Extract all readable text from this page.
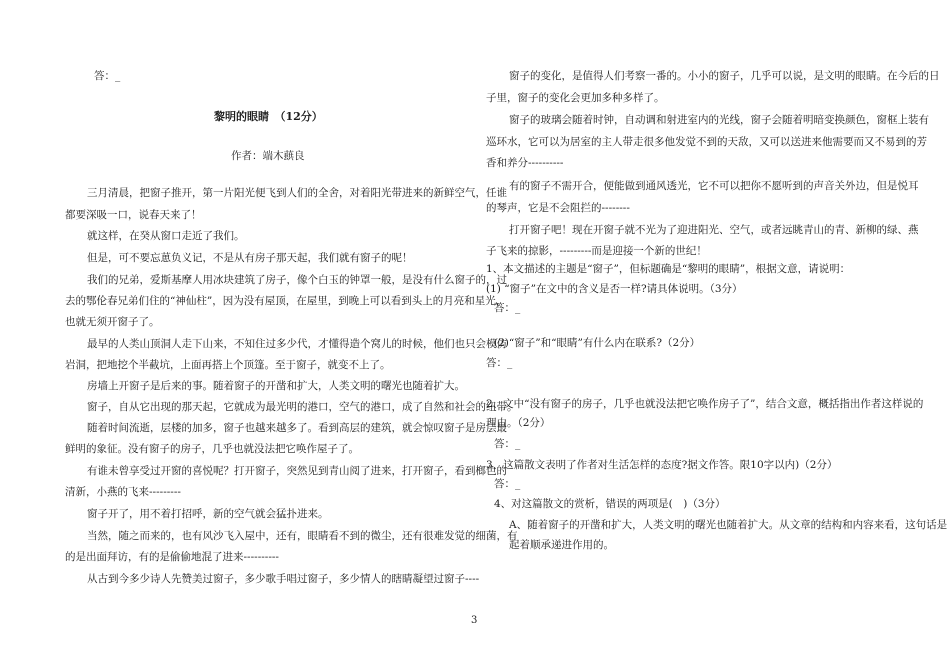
答：_
黎明的眼睛　（12分）
作者：端木蕻良
三月清晨，把窗子推开，第一片阳光便飞到人们的全舍，对着阳光带进来的新鲜空气，任谁
都要深吸一口，说春天来了！
就这样，在癸从窗口走近了我们。
但是，可不要忘葸负义记，不是从有房子那天起，我们就有窗子的呢！
我们的兄弟，爱斯基摩人用冰块建筑了房子，像个白玉的钟罩一般，是没有什么窗子的，过
去的鄂伦春兄弟们住的“神仙柱”，因为没有屋顶，在屋里，到晚上可以看到头上的月亮和星光，
也就无须开窗子了。
最早的人类山顶洞人走下山来，不知住过多少代，才懂得造个窝儿的时候，他们也只会模仿
岩洞，把地挖个半截坑，上面再搭上个顶篷。至于窗子，就变不上了。
房墙上开窗子是后来的事。随着窗子的开凿和扩大，人类文明的曙光也随着扩大。
窗子，自从它出现的那天起，它就成为最光明的港口，空气的港口，成了自然和社会的纽带。
随着时间流逝，层楼的加多，窗子也越来越多了。看到高层的建筑，就会惊叹窗子是房层最
鲜明的象征。没有窗子的房子，几乎也就没法把它唤作屋子了。
有谁未曾享受过开窗的喜悦呢？打开窗子，突然见到青山阅了进来，打开窗子，看到榔色的
清新，小燕的飞来---------
窗子开了，用不着打招呼，新的空气就会猛扑进来。
当然，随之而来的，也有风沙飞入屋中，还有，眼睛看不到的微尘，还有很难发觉的细菌，有
的是出面拜访，有的是偷偷地混了进来----------
从古到今多少诗人先赞美过窗子，多少歌手唱过窗子，多少情人的瞎睛凝望过窗子----
窗子的变化，是值得人们考察一番的。小小的窗子，几乎可以说，是文明的眼睛。在今后的日
子里，窗子的变化会更加多种多样了。
窗子的玻璃会随着时钟，自动调和射进室内的光线，窗子会随着明暗变换颜色，窗框上装有
巡环水，它可以为居室的主人带走很多他发觉不到的天敌，又可以送进来他需要而又不易到的芳
香和养分----------
有的窗子不需开合，便能做到通风透光，它不可以把你不愿听到的声音关外边，但是悦耳
的琴声，它是不会阻拦的--------
打开窗子吧！现在开窗子就不光为了迎进阳光、空气，或者远眺青山的青、新柳的绿、燕
子飞来的掠影，---------而是迎接一个新的世纪！
1、本文描述的主题是“窗子”，但标题确是“黎明的眼睛”，根据文意，请说明：
(1) “窗子”在文中的含义是否一样?请具体说明。（3分）
答：_
(2)“窗子”和“眼睛”有什么内在联系?（2分）
答：_
2、文中“没有窗子的房子，几乎也就没法把它唤作房子了”，结合文意，概括指出作者这样说的
理由。（2分）
答：_
3、这篇散文表明了作者对生活怎样的态度?据文作答。限10字以内)（2分）
答：_
4、对这篇散文的赏析，错误的两项是(　)（3分）
A、随着窗子的开凿和扩大，人类文明的曙光也随着扩大。从文章的结构和内容来看，这句话是
起着顺承递进作用的。
3
